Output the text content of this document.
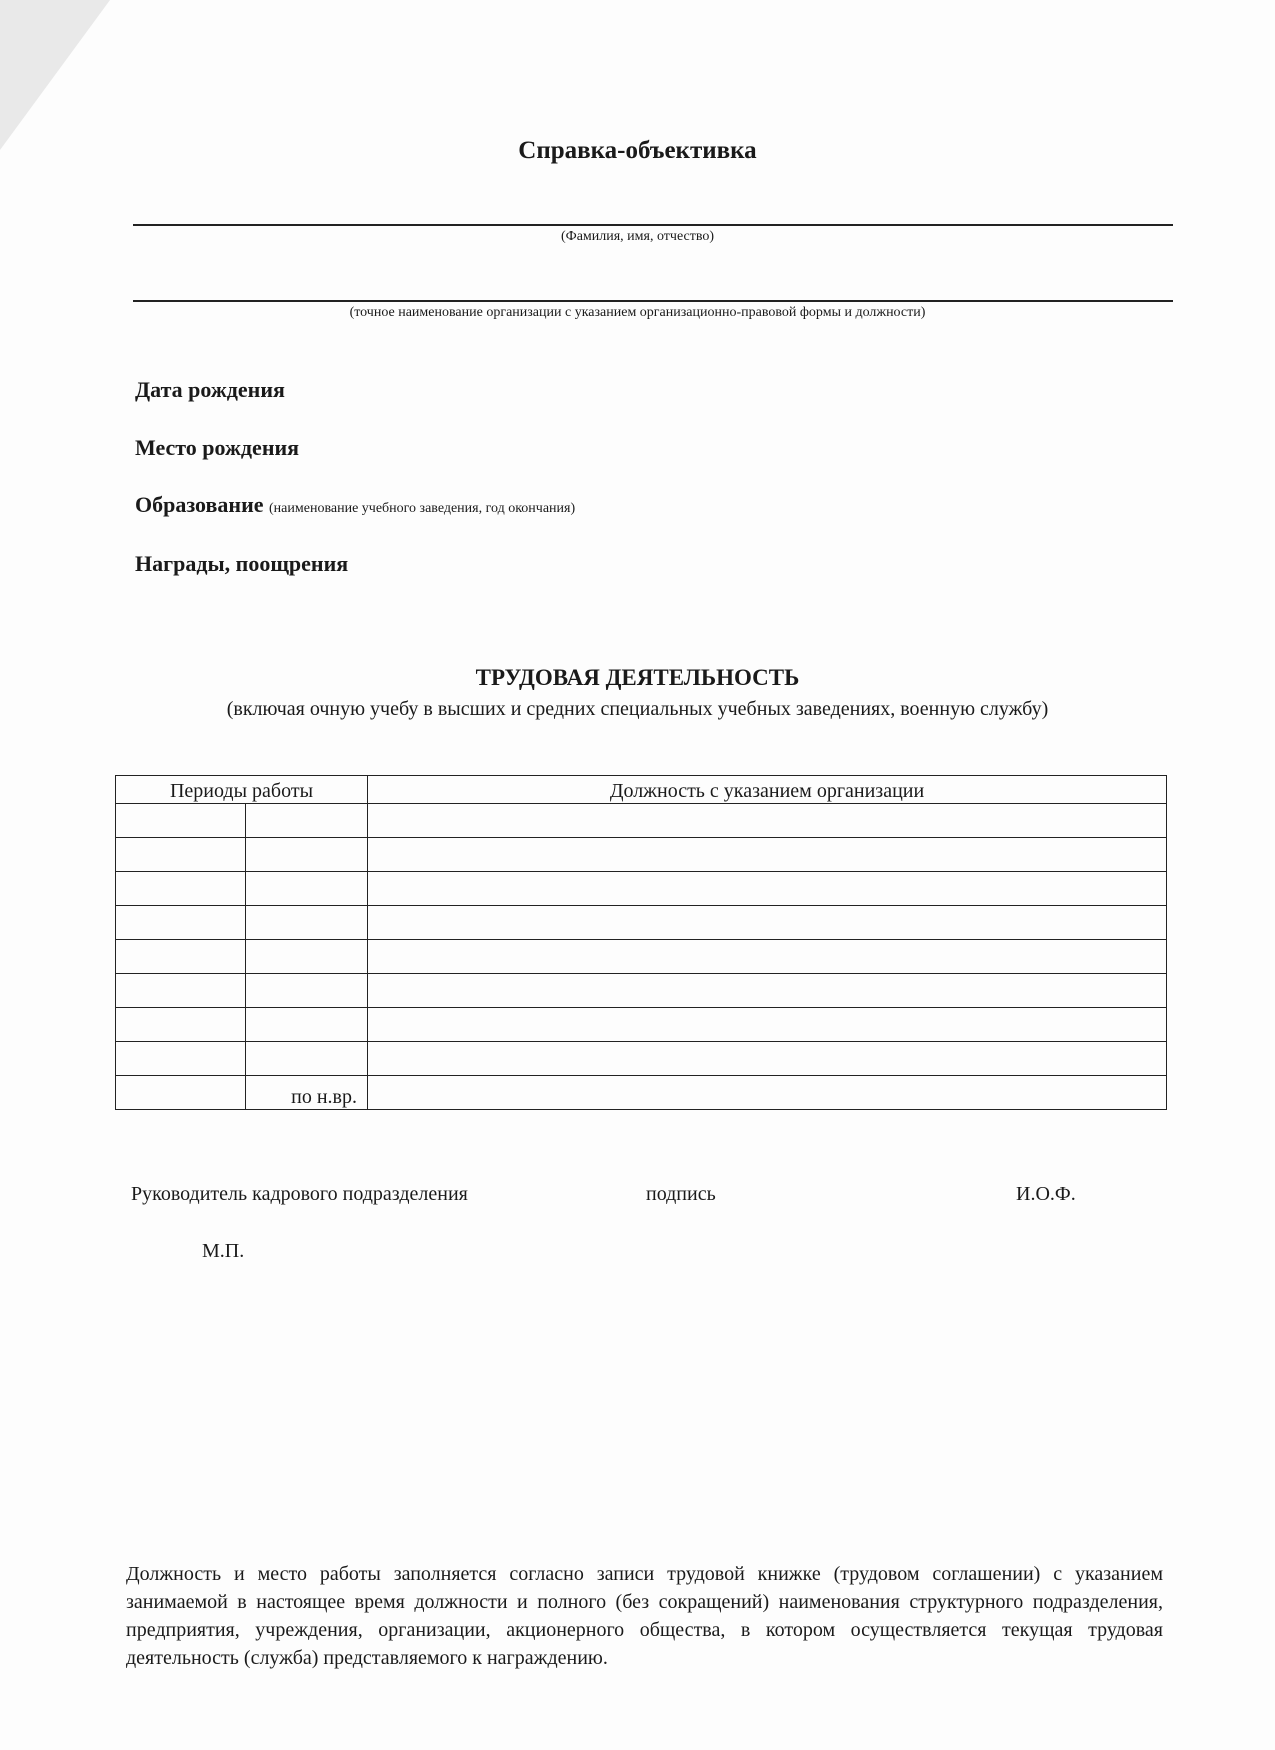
Справка-объективка
(Фамилия, имя, отчество)
(точное наименование организации с указанием организационно-правовой формы и должности)
Дата рождения
Место рождения
Образование (наименование учебного заведения, год окончания)
Награды, поощрения
ТРУДОВАЯ ДЕЯТЕЛЬНОСТЬ
(включая очную учебу в высших и средних специальных учебных заведениях, военную службу)
Периоды работы		Должность с указанием организации

	по н.вр.	
Руководитель кадрового подразделения	подпись	И.О.Ф.
М.П.
Должность и место работы заполняется согласно записи трудовой книжке (трудовом соглашении) с указанием занимаемой в настоящее время должности и полного (без сокращений) наименования структурного подразделения, предприятия, учреждения, организации, акционерного общества, в котором осуществляется текущая трудовая деятельность (служба) представляемого к награждению.
